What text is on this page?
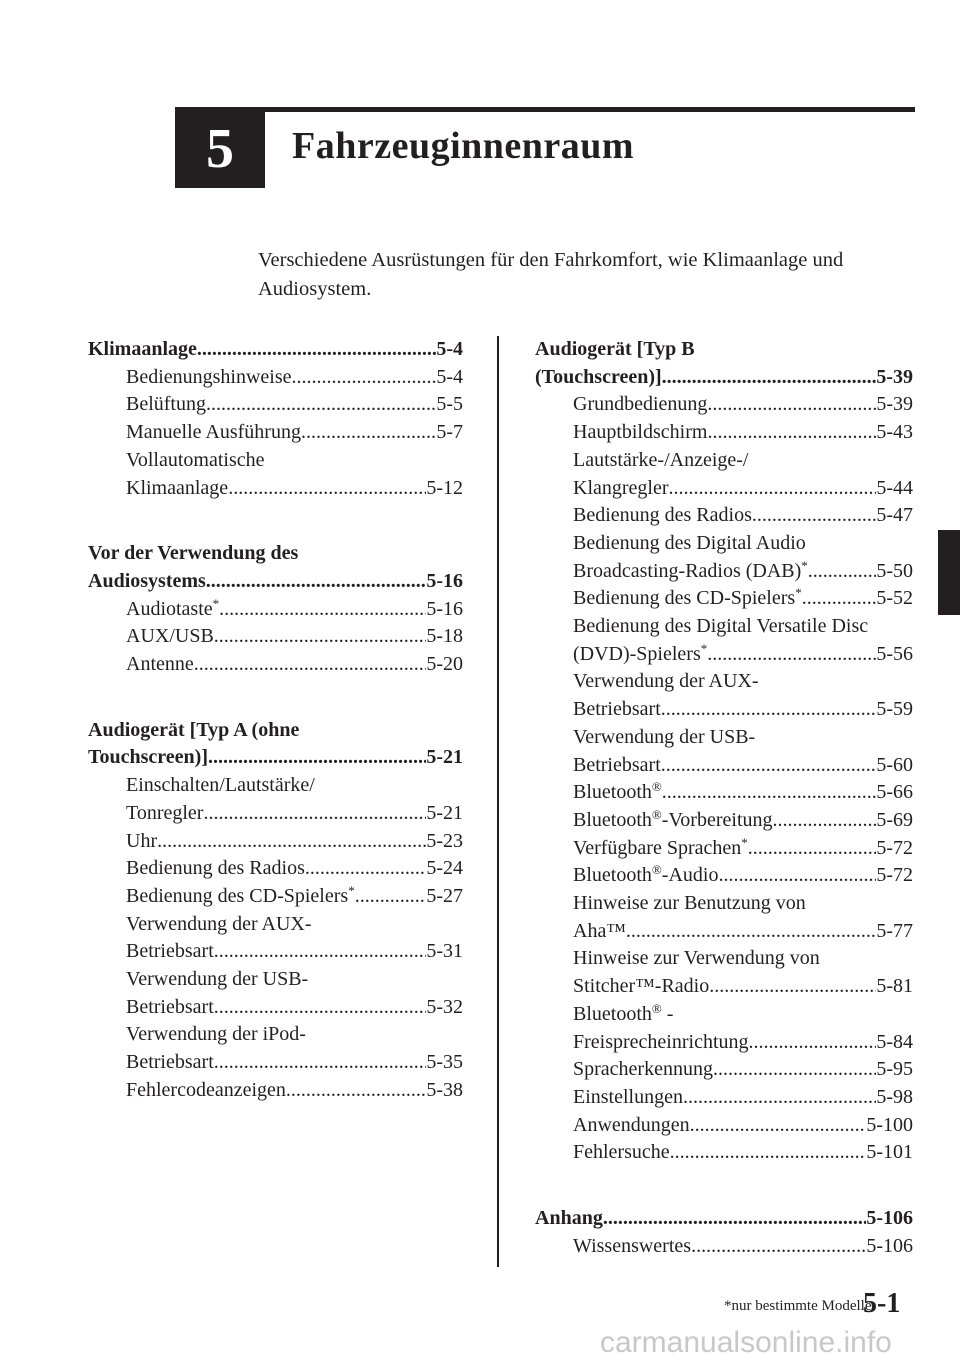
5 Fahrzeuginnenraum
Verschiedene Ausrüstungen für den Fahrkomfort, wie Klimaanlage und Audiosystem.
Klimaanlage .....	5-4
Bedienungshinweise .....	5-4
Belüftung .....	5-5
Manuelle Ausführung .....	5-7
Vollautomatische
Klimaanlage .....	5-12
Vor der Verwendung des
Audiosystems .....	5-16
Audiotaste* .....	5-16
AUX/USB .....	5-18
Antenne .....	5-20
Audiogerät [Typ A (ohne
Touchscreen)] .....	5-21
Einschalten/Lautstärke/
Tonregler .....	5-21
Uhr .....	5-23
Bedienung des Radios .....	5-24
Bedienung des CD-Spielers* .....	5-27
Verwendung der AUX-
Betriebsart .....	5-31
Verwendung der USB-
Betriebsart .....	5-32
Verwendung der iPod-
Betriebsart .....	5-35
Fehlercodeanzeigen .....	5-38
Audiogerät [Typ B
(Touchscreen)] .....	5-39
Grundbedienung .....	5-39
Hauptbildschirm .....	5-43
Lautstärke-/Anzeige-/
Klangregler .....	5-44
Bedienung des Radios .....	5-47
Bedienung des Digital Audio
Broadcasting-Radios (DAB)* .....	5-50
Bedienung des CD-Spielers* .....	5-52
Bedienung des Digital Versatile Disc
(DVD)-Spielers* .....	5-56
Verwendung der AUX-
Betriebsart .....	5-59
Verwendung der USB-
Betriebsart .....	5-60
Bluetooth® .....	5-66
Bluetooth®-Vorbereitung .....	5-69
Verfügbare Sprachen* .....	5-72
Bluetooth®-Audio .....	5-72
Hinweise zur Benutzung von
Aha™ .....	5-77
Hinweise zur Verwendung von
Stitcher™-Radio .....	5-81
Bluetooth® -
Freisprecheinrichtung .....	5-84
Spracherkennung .....	5-95
Einstellungen .....	5-98
Anwendungen .....	5-100
Fehlersuche .....	5-101
Anhang .....	5-106
Wissenswertes .....	5-106
*nur bestimmte Modelle
5-1
carmanualsonline.info
